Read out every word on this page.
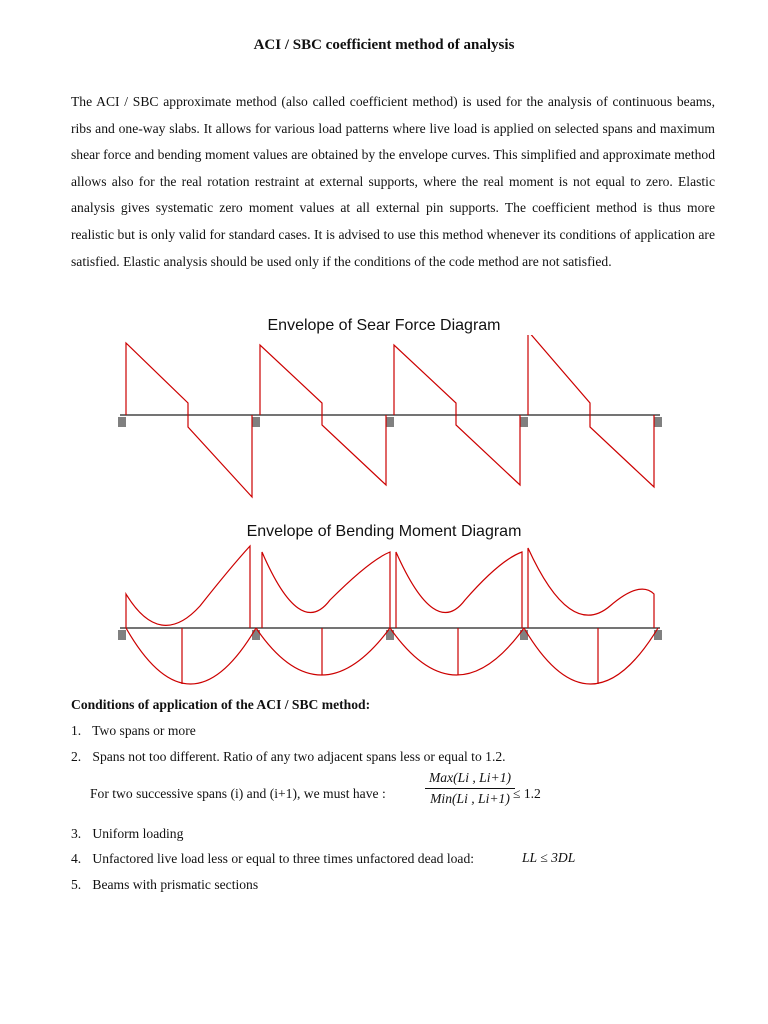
ACI / SBC coefficient method of analysis
The ACI / SBC approximate method (also called coefficient method) is used for the analysis of continuous beams, ribs and one-way slabs. It allows for various load patterns where live load is applied on selected spans and maximum shear force and bending moment values are obtained by the envelope curves. This simplified and approximate method allows also for the real rotation restraint at external supports, where the real moment is not equal to zero. Elastic analysis gives systematic zero moment values at all external pin supports. The coefficient method is thus more realistic but is only valid for standard cases. It is advised to use this method whenever its conditions of application are satisfied. Elastic analysis should be used only if the conditions of the code method are not satisfied.
Envelope of Sear Force Diagram
Envelope of Bending Moment Diagram
Conditions of application of the ACI / SBC method:
1. Two spans or more
2. Spans not too different. Ratio of any two adjacent spans less or equal to 1.2.
For two successive spans (i) and (i+1), we must have :
Max(Li , Li+1)
Min(Li , Li+1) ≤ 1.2
3. Uniform loading
4. Unfactored live load less or equal to three times unfactored dead load:	LL ≤ 3DL
5. Beams with prismatic sections
